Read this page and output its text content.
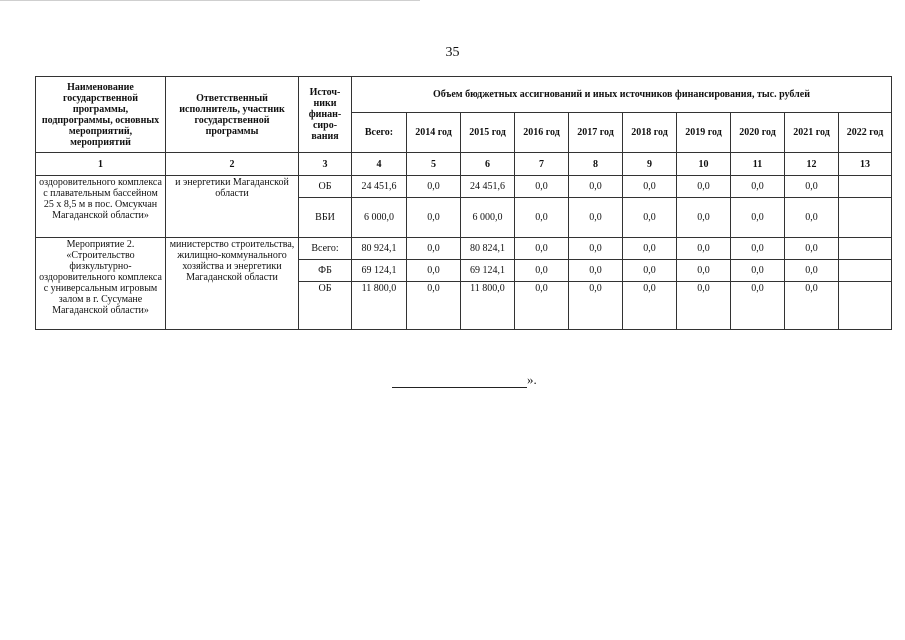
35
Наименование государственной программы, подпрограммы, основных мероприятий, мероприятий	Ответственный исполнитель, участник государственной программы	Источ-ники финан-сиро-вания	Объем бюджетных ассигнований и иных источников финансирования, тыс. рублей									
			Всего:	2014 год	2015 год	2016 год	2017 год	2018 год	2019 год	2020 год	2021 год	2022 год
1	2	3	4	5	6	7	8	9	10	11	12	13
оздоровительного комплекса с плавательным бассейном 25 х 8,5 м в пос. Омсукчан Магаданской области»	и энергетики Магаданской области	ОБ	24 451,6	0,0	24 451,6	0,0	0,0	0,0	0,0	0,0	0,0	
		ВБИ	6 000,0	0,0	6 000,0	0,0	0,0	0,0	0,0	0,0	0,0	
Мероприятие 2. «Строительство физкультурно-оздоровительного комплекса с универсальным игровым залом в г. Сусумане Магаданской области»	министерство строительства, жилищно-коммунального хозяйства и энергетики Магаданской области	Всего:	80 924,1	0,0	80 824,1	0,0	0,0	0,0	0,0	0,0	0,0	
		ФБ	69 124,1	0,0	69 124,1	0,0	0,0	0,0	0,0	0,0	0,0	
		ОБ	11 800,0	0,0	11 800,0	0,0	0,0	0,0	0,0	0,0	0,0	
».
